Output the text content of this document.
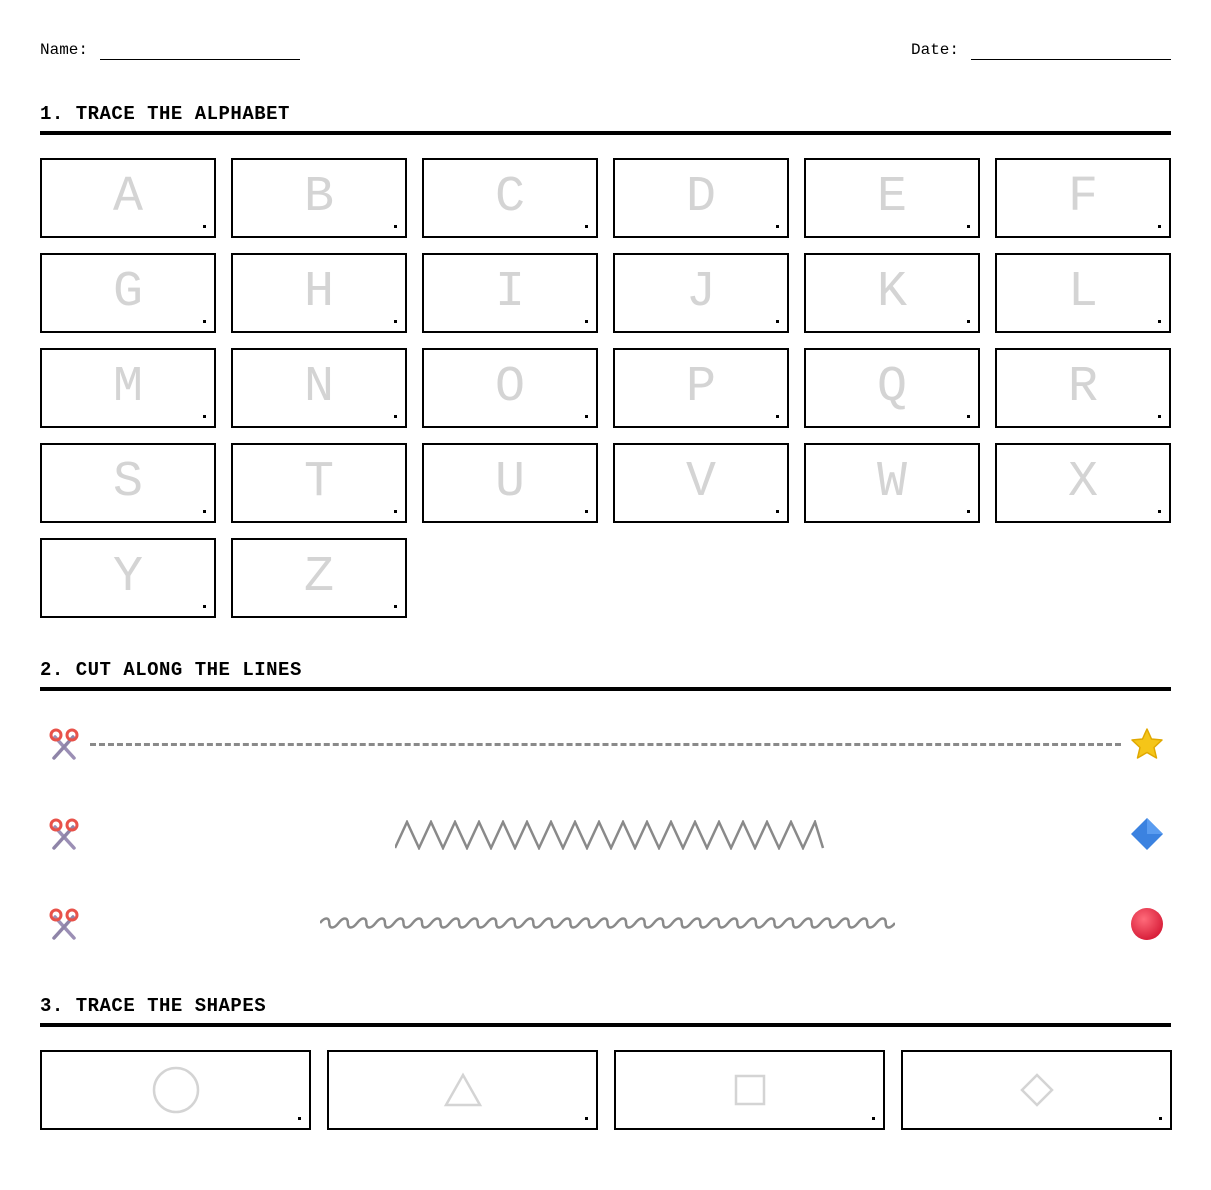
Name:	Date:
1. TRACE THE ALPHABET
A	B	C	D	E	F
G	H	I	J	K	L
M	N	O	P	Q	R
S	T	U	V	W	X
Y	Z
2. CUT ALONG THE LINES
3. TRACE THE SHAPES
